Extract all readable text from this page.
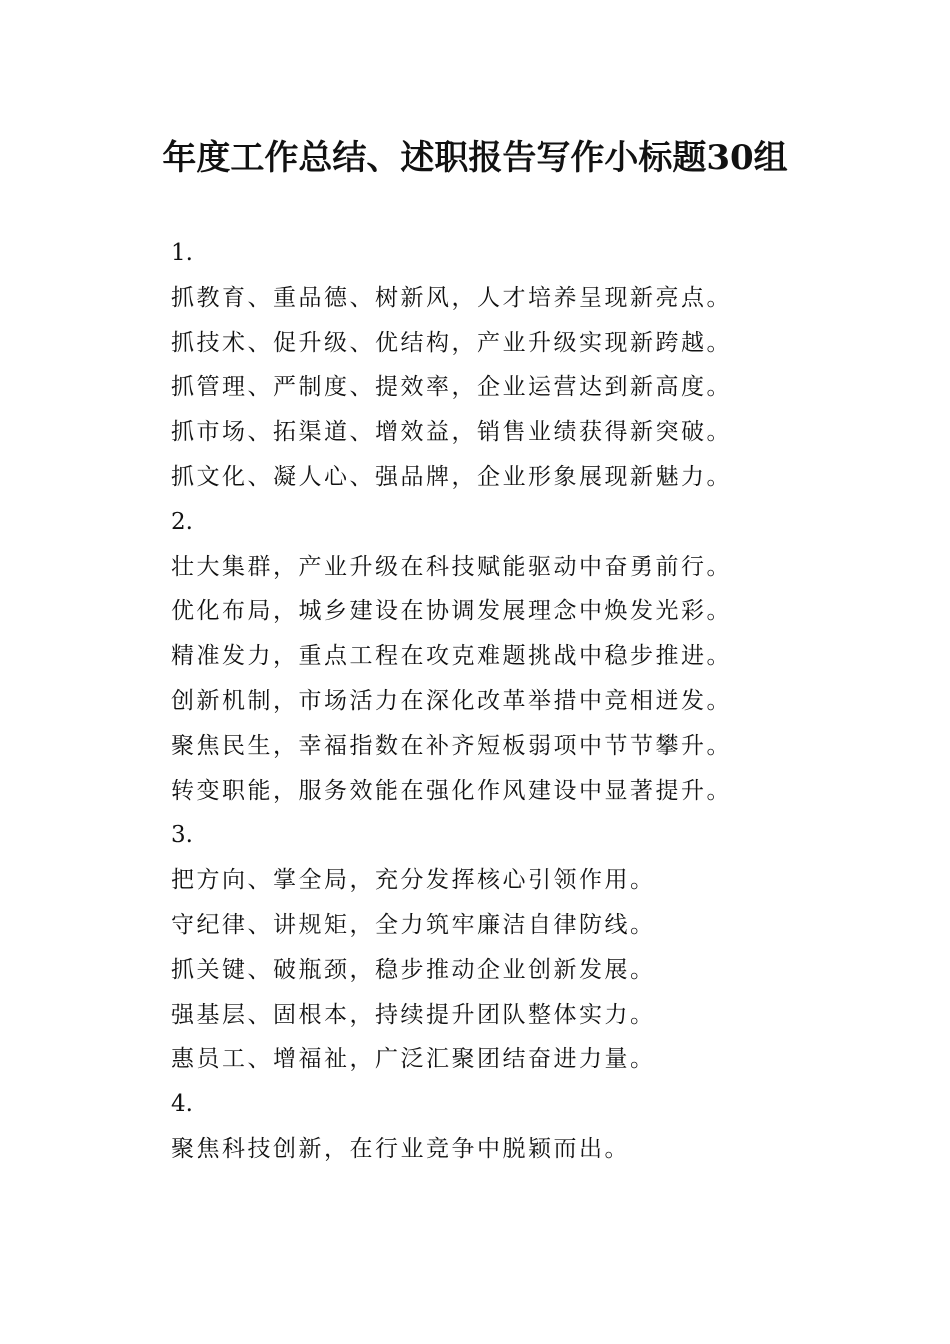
年度工作总结、述职报告写作小标题30组
1.
抓教育、重品德、树新风，人才培养呈现新亮点。
抓技术、促升级、优结构，产业升级实现新跨越。
抓管理、严制度、提效率，企业运营达到新高度。
抓市场、拓渠道、增效益，销售业绩获得新突破。
抓文化、凝人心、强品牌，企业形象展现新魅力。
2.
壮大集群，产业升级在科技赋能驱动中奋勇前行。
优化布局，城乡建设在协调发展理念中焕发光彩。
精准发力，重点工程在攻克难题挑战中稳步推进。
创新机制，市场活力在深化改革举措中竞相迸发。
聚焦民生，幸福指数在补齐短板弱项中节节攀升。
转变职能，服务效能在强化作风建设中显著提升。
3.
把方向、掌全局，充分发挥核心引领作用。
守纪律、讲规矩，全力筑牢廉洁自律防线。
抓关键、破瓶颈，稳步推动企业创新发展。
强基层、固根本，持续提升团队整体实力。
惠员工、增福祉，广泛汇聚团结奋进力量。
4.
聚焦科技创新，在行业竞争中脱颖而出。
